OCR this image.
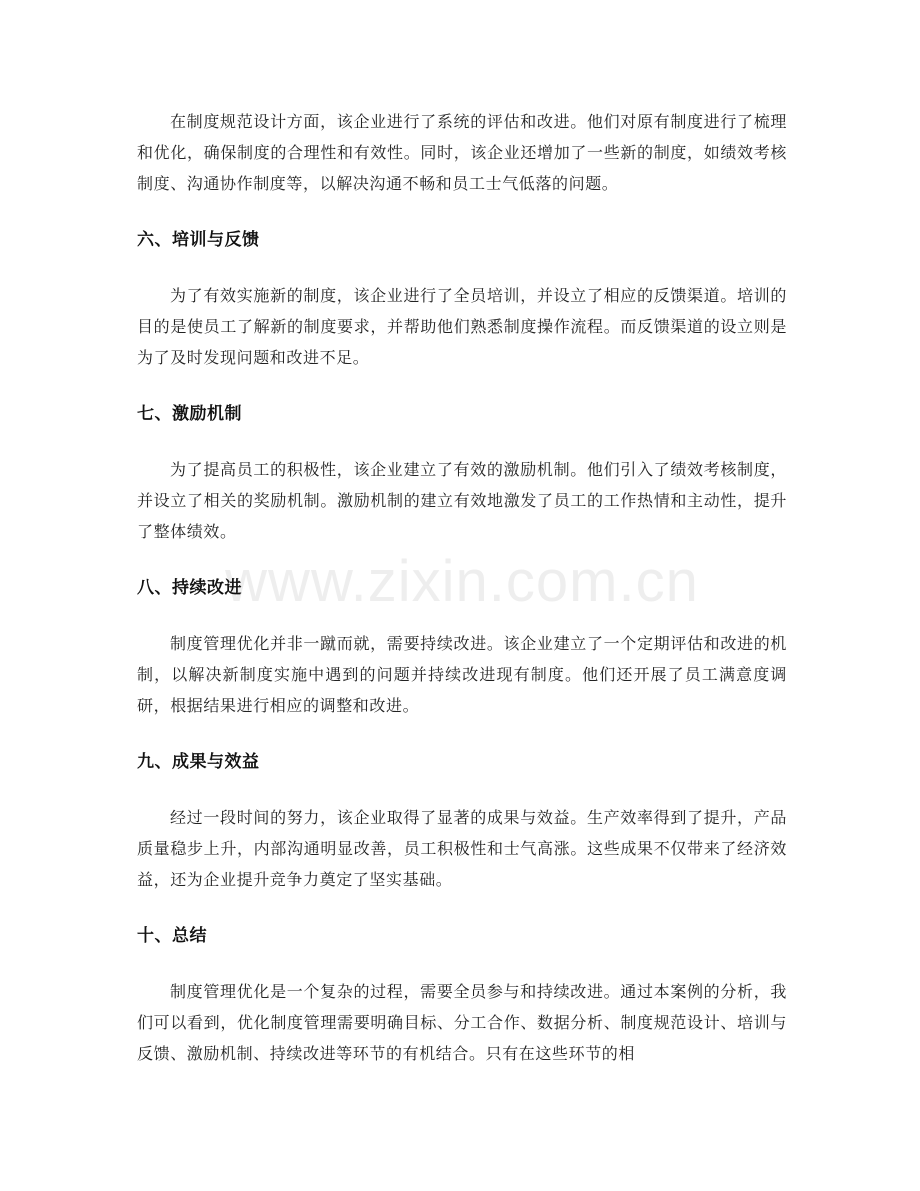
www.zixin.com.cn

在制度规范设计方面，该企业进行了系统的评估和改进。他们对原有制度进行了梳理和优化，确保制度的合理性和有效性。同时，该企业还增加了一些新的制度，如绩效考核制度、沟通协作制度等，以解决沟通不畅和员工士气低落的问题。

六、培训与反馈

为了有效实施新的制度，该企业进行了全员培训，并设立了相应的反馈渠道。培训的目的是使员工了解新的制度要求，并帮助他们熟悉制度操作流程。而反馈渠道的设立则是为了及时发现问题和改进不足。

七、激励机制

为了提高员工的积极性，该企业建立了有效的激励机制。他们引入了绩效考核制度，并设立了相关的奖励机制。激励机制的建立有效地激发了员工的工作热情和主动性，提升了整体绩效。

八、持续改进

制度管理优化并非一蹴而就，需要持续改进。该企业建立了一个定期评估和改进的机制，以解决新制度实施中遇到的问题并持续改进现有制度。他们还开展了员工满意度调研，根据结果进行相应的调整和改进。

九、成果与效益

经过一段时间的努力，该企业取得了显著的成果与效益。生产效率得到了提升，产品质量稳步上升，内部沟通明显改善，员工积极性和士气高涨。这些成果不仅带来了经济效益，还为企业提升竞争力奠定了坚实基础。

十、总结

制度管理优化是一个复杂的过程，需要全员参与和持续改进。通过本案例的分析，我们可以看到，优化制度管理需要明确目标、分工合作、数据分析、制度规范设计、培训与反馈、激励机制、持续改进等环节的有机结合。只有在这些环节的相
